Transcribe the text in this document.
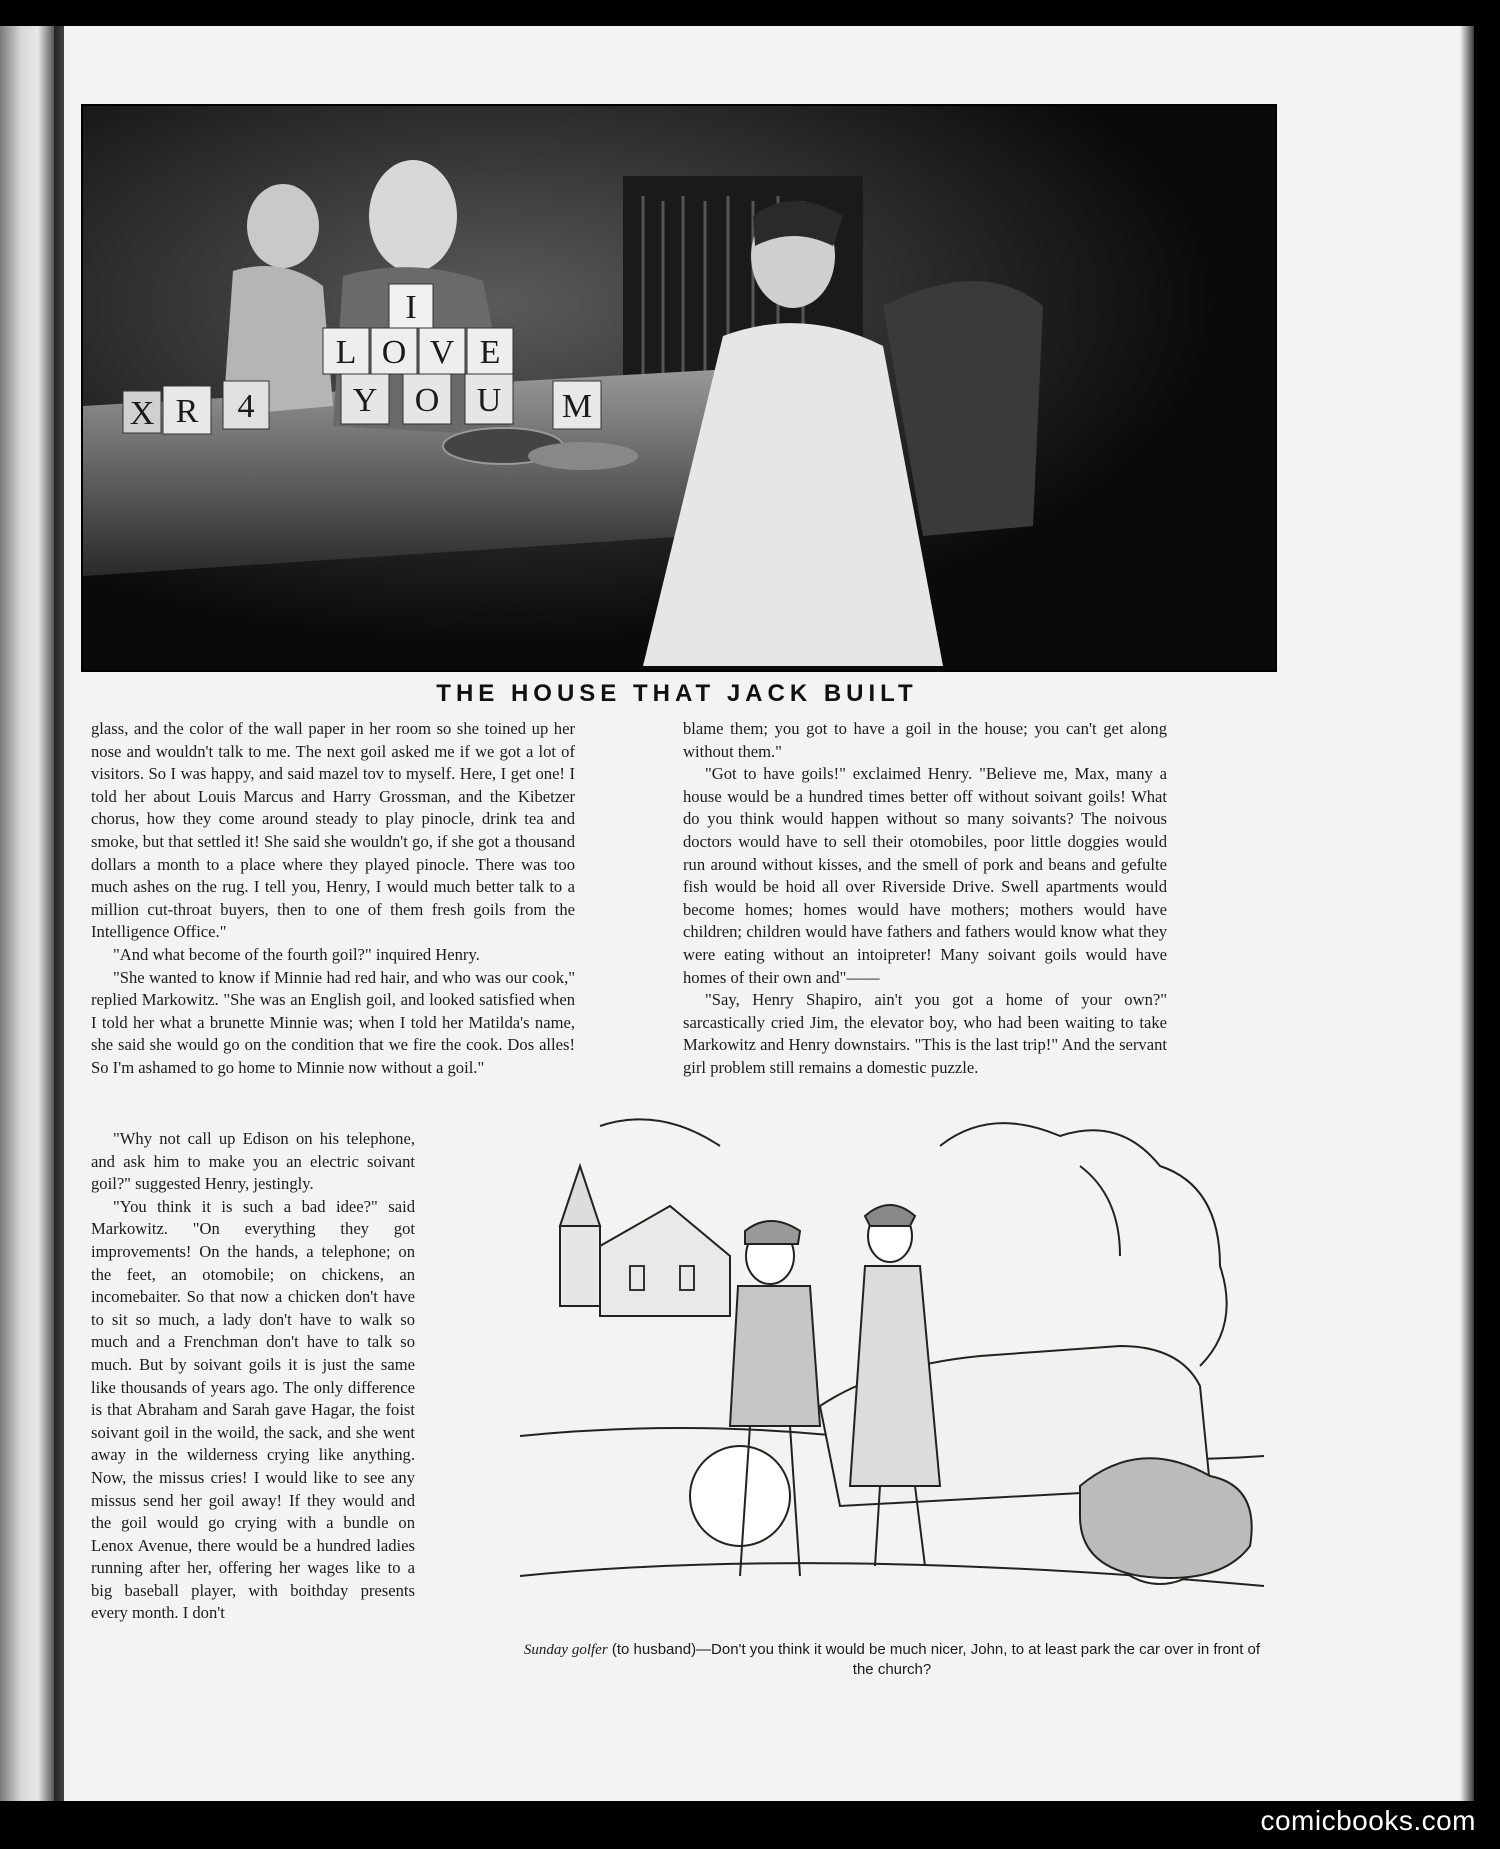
R 4
I
L O V E
Y O U M
X
THE HOUSE THAT JACK BUILT

glass, and the color of the wall paper in her room so she toined up her nose and wouldn't talk to me. The next goil asked me if we got a lot of visitors. So I was happy, and said mazel tov to myself. Here, I get one! I told her about Louis Marcus and Harry Grossman, and the Kibetzer chorus, how they come around steady to play pinocle, drink tea and smoke, but that settled it! She said she wouldn't go, if she got a thousand dollars a month to a place where they played pinocle. There was too much ashes on the rug. I tell you, Henry, I would much better talk to a million cut-throat buyers, then to one of them fresh goils from the Intelligence Office."

"And what become of the fourth goil?" inquired Henry.

"She wanted to know if Minnie had red hair, and who was our cook," replied Markowitz. "She was an English goil, and looked satisfied when I told her what a brunette Minnie was; when I told her Matilda's name, she said she would go on the condition that we fire the cook. Dos alles! So I'm ashamed to go home to Minnie now without a goil."

"Why not call up Edison on his telephone, and ask him to make you an electric soivant goil?" suggested Henry, jestingly.

"You think it is such a bad idee?" said Markowitz. "On everything they got improvements! On the hands, a telephone; on the feet, an otomobile; on chickens, an incomebaiter. So that now a chicken don't have to sit so much, a lady don't have to walk so much and a Frenchman don't have to talk so much. But by soivant goils it is just the same like thousands of years ago. The only difference is that Abraham and Sarah gave Hagar, the foist soivant goil in the woild, the sack, and she went away in the wilderness crying like anything. Now, the missus cries! I would like to see any missus send her goil away! If they would and the goil would go crying with a bundle on Lenox Avenue, there would be a hundred ladies running after her, offering her wages like to a big baseball player, with boithday presents every month. I don't

blame them; you got to have a goil in the house; you can't get along without them."

"Got to have goils!" exclaimed Henry. "Believe me, Max, many a house would be a hundred times better off without soivant goils! What do you think would happen without so many soivants? The noivous doctors would have to sell their otomobiles, poor little doggies would run around without kisses, and the smell of pork and beans and gefulte fish would be hoid all over Riverside Drive. Swell apartments would become homes; homes would have mothers; mothers would have children; children would have fathers and fathers would know what they were eating without an intoipreter! Many soivant goils would have homes of their own and"——

"Say, Henry Shapiro, ain't you got a home of your own?" sarcastically cried Jim, the elevator boy, who had been waiting to take Markowitz and Henry downstairs. "This is the last trip!" And the servant girl problem still remains a domestic puzzle.

Sunday golfer (to husband)—Don't you think it would be much nicer, John, to at least park the car over in front of the church?
comicbooks.com
